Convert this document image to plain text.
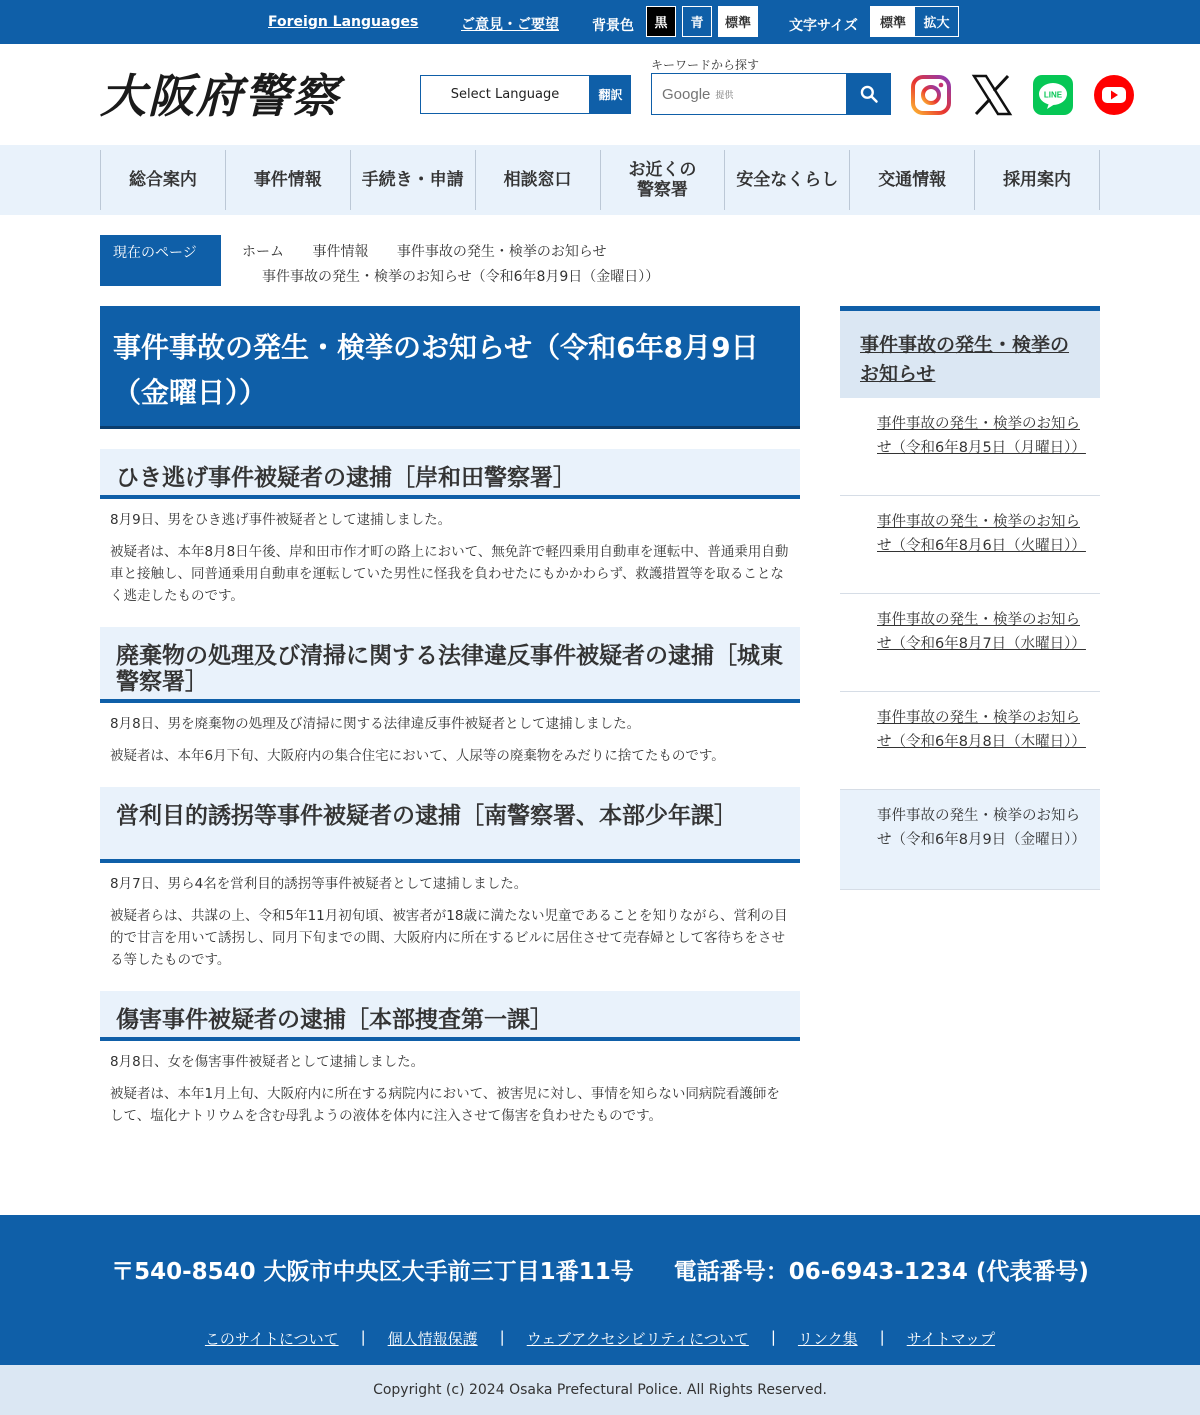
Foreign Languages	ご意見・ご要望 背景色	黒	青	標準	文字サイズ	標準	拡大
大阪府警察	Select Language	翻訳
キーワードから探す
Google 提供	LINE
総合案内	事件情報	手続き・申請	相談窓口
お近くの
警察署
安全なくらし	交通情報	採用案内
現在のページ	ホーム 事件情報 事件事故の発生・検挙のお知らせ
事件事故の発生・検挙のお知らせ（令和6年8月9日（金曜日））
事件事故の発生・検挙のお知らせ（令和6年8月9日（金曜日））
ひき逃げ事件被疑者の逮捕［岸和田警察署］

8月9日、男をひき逃げ事件被疑者として逮捕しました。

被疑者は、本年8月8日午後、岸和田市作才町の路上において、無免許で軽四乗用自動車を運転中、普通乗用自動車と接触し、同普通乗用自動車を運転していた男性に怪我を負わせたにもかかわらず、救護措置等を取ることなく逃走したものです。

廃棄物の処理及び清掃に関する法律違反事件被疑者の逮捕［城東警察署］

8月8日、男を廃棄物の処理及び清掃に関する法律違反事件被疑者として逮捕しました。

被疑者は、本年6月下旬、大阪府内の集合住宅において、人尿等の廃棄物をみだりに捨てたものです。

営利目的誘拐等事件被疑者の逮捕［南警察署、本部少年課］

8月7日、男ら4名を営利目的誘拐等事件被疑者として逮捕しました。

被疑者らは、共謀の上、令和5年11月初旬頃、被害者が18歳に満たない児童であることを知りながら、営利の目的で甘言を用いて誘拐し、同月下旬までの間、大阪府内に所在するビルに居住させて売春婦として客待ちをさせる等したものです。

傷害事件被疑者の逮捕［本部捜査第一課］

8月8日、女を傷害事件被疑者として逮捕しました。

被疑者は、本年1月上旬、大阪府内に所在する病院内において、被害児に対し、事情を知らない同病院看護師をして、塩化ナトリウムを含む母乳ようの液体を体内に注入させて傷害を負わせたものです。

事件事故の発生・検挙のお知らせ
事件事故の発生・検挙のお知らせ（令和6年8月5日（月曜日））
事件事故の発生・検挙のお知らせ（令和6年8月6日（火曜日））
事件事故の発生・検挙のお知らせ（令和6年8月7日（水曜日））
事件事故の発生・検挙のお知らせ（令和6年8月8日（木曜日））
事件事故の発生・検挙のお知らせ（令和6年8月9日（金曜日））
〒540-8540 大阪市中央区大手前三丁目1番11号 電話番号：06-6943-1234 (代表番号)
このサイトについて | 個人情報保護 | ウェブアクセシビリティについて | リンク集 | サイトマップ
Copyright (c) 2024 Osaka Prefectural Police. All Rights Reserved.
